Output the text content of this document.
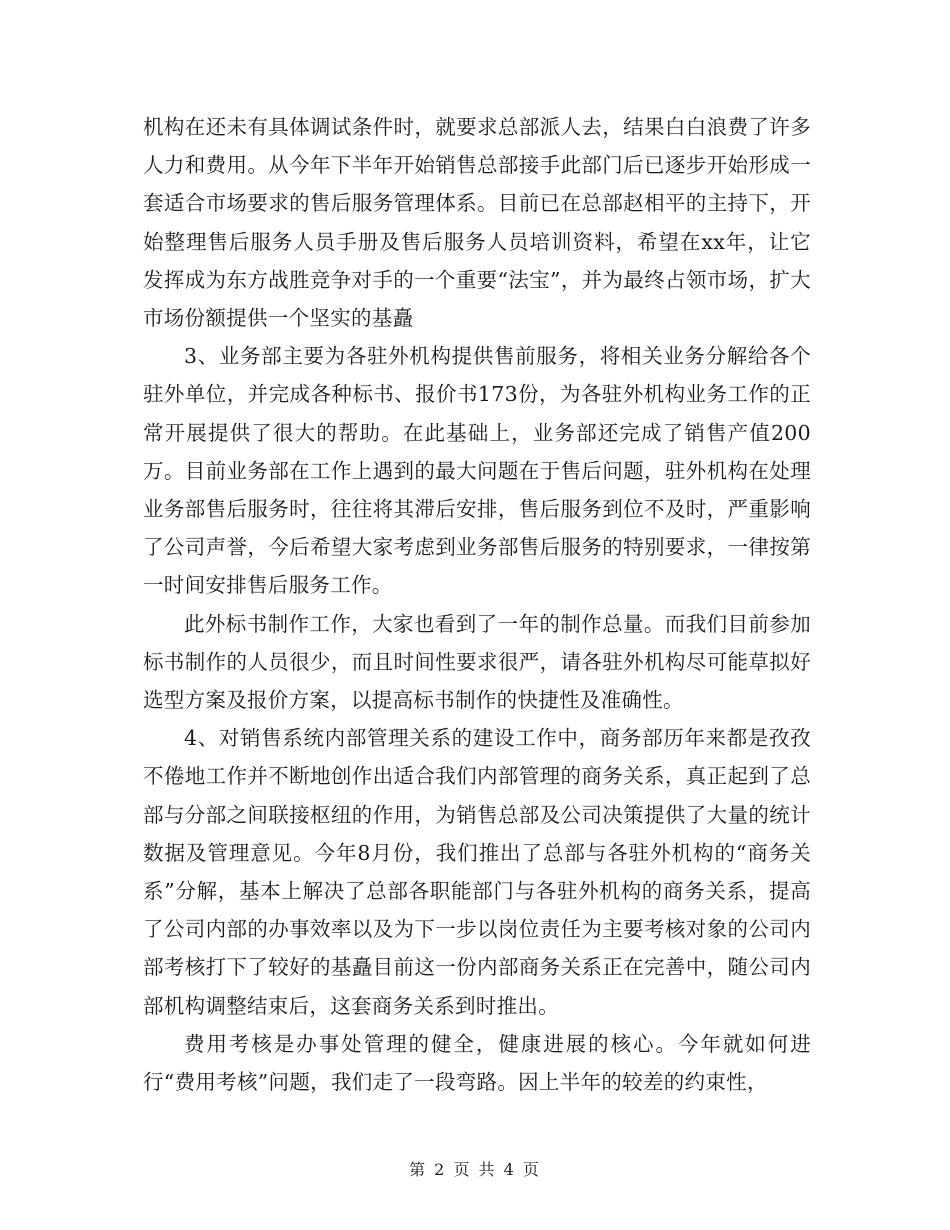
机构在还未有具体调试条件时，就要求总部派人去，结果白白浪费了许多人力和费用。从今年下半年开始销售总部接手此部门后已逐步开始形成一套适合市场要求的售后服务管理体系。目前已在总部赵相平的主持下，开始整理售后服务人员手册及售后服务人员培训资料，希望在xx年，让它发挥成为东方战胜竞争对手的一个重要“法宝”，并为最终占领市场，扩大市场份额提供一个坚实的基矗

3、业务部主要为各驻外机构提供售前服务，将相关业务分解给各个驻外单位，并完成各种标书、报价书173份，为各驻外机构业务工作的正常开展提供了很大的帮助。在此基础上，业务部还完成了销售产值200万。目前业务部在工作上遇到的最大问题在于售后问题，驻外机构在处理业务部售后服务时，往往将其滞后安排，售后服务到位不及时，严重影响了公司声誉，今后希望大家考虑到业务部售后服务的特别要求，一律按第一时间安排售后服务工作。

此外标书制作工作，大家也看到了一年的制作总量。而我们目前参加标书制作的人员很少，而且时间性要求很严，请各驻外机构尽可能草拟好选型方案及报价方案，以提高标书制作的快捷性及准确性。

4、对销售系统内部管理关系的建设工作中，商务部历年来都是孜孜不倦地工作并不断地创作出适合我们内部管理的商务关系，真正起到了总部与分部之间联接枢纽的作用，为销售总部及公司决策提供了大量的统计数据及管理意见。今年8月份，我们推出了总部与各驻外机构的“商务关系”分解，基本上解决了总部各职能部门与各驻外机构的商务关系，提高了公司内部的办事效率以及为下一步以岗位责任为主要考核对象的公司内部考核打下了较好的基矗目前这一份内部商务关系正在完善中，随公司内部机构调整结束后，这套商务关系到时推出。

费用考核是办事处管理的健全，健康进展的核心。今年就如何进行“费用考核”问题，我们走了一段弯路。因上半年的较差的约束性，

第 2 页 共 4 页
